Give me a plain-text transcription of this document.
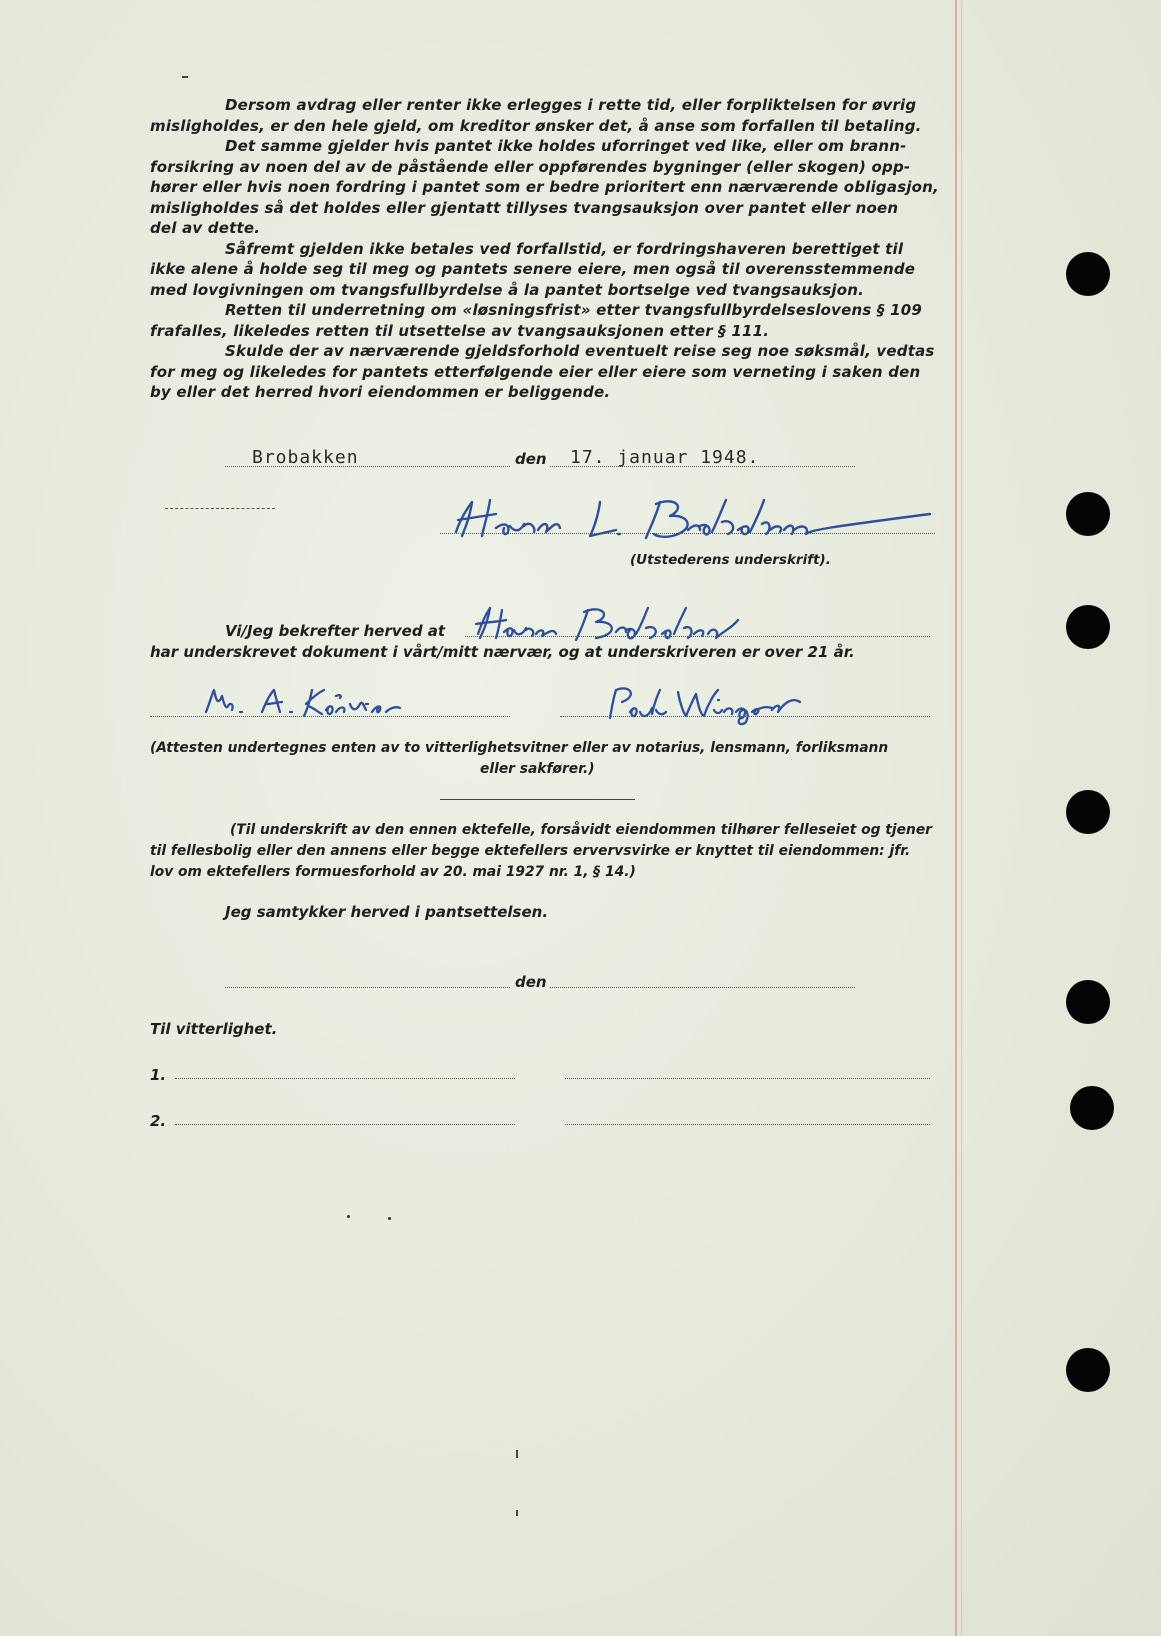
Dersom avdrag eller renter ikke erlegges i rette tid, eller forpliktelsen for øvrig
misligholdes, er den hele gjeld, om kreditor ønsker det, å anse som forfallen til betaling.
Det samme gjelder hvis pantet ikke holdes uforringet ved like, eller om brann-
forsikring av noen del av de påstående eller oppførendes bygninger (eller skogen) opp-
hører eller hvis noen fordring i pantet som er bedre prioritert enn nærværende obligasjon,
misligholdes så det holdes eller gjentatt tillyses tvangsauksjon over pantet eller noen
del av dette.
Såfremt gjelden ikke betales ved forfallstid, er fordringshaveren berettiget til
ikke alene å holde seg til meg og pantets senere eiere, men også til overensstemmende
med lovgivningen om tvangsfullbyrdelse å la pantet bortselge ved tvangsauksjon.
Retten til underretning om «løsningsfrist» etter tvangsfullbyrdelseslovens § 109
frafalles, likeledes retten til utsettelse av tvangsauksjonen etter § 111.
Skulde der av nærværende gjeldsforhold eventuelt reise seg noe søksmål, vedtas
for meg og likeledes for pantets etterfølgende eier eller eiere som verneting i saken den
by eller det herred hvori eiendommen er beliggende.
Brobakken	den 17. januar 1948.
(Utstederens underskrift).
Vi/Jeg bekrefter herved at
har underskrevet dokument i vårt/mitt nærvær, og at underskriveren er over 21 år.
(Attesten undertegnes enten av to vitterlighetsvitner eller av notarius, lensmann, forliksmann
eller sakfører.)
(Til underskrift av den ennen ektefelle, forsåvidt eiendommen tilhører felleseiet og tjener
til fellesbolig eller den annens eller begge ektefellers ervervsvirke er knyttet til eiendommen: jfr.
lov om ektefellers formuesforhold av 20. mai 1927 nr. 1, § 14.)
Jeg samtykker herved i pantsettelsen.
den
Til vitterlighet.
1.
2.
